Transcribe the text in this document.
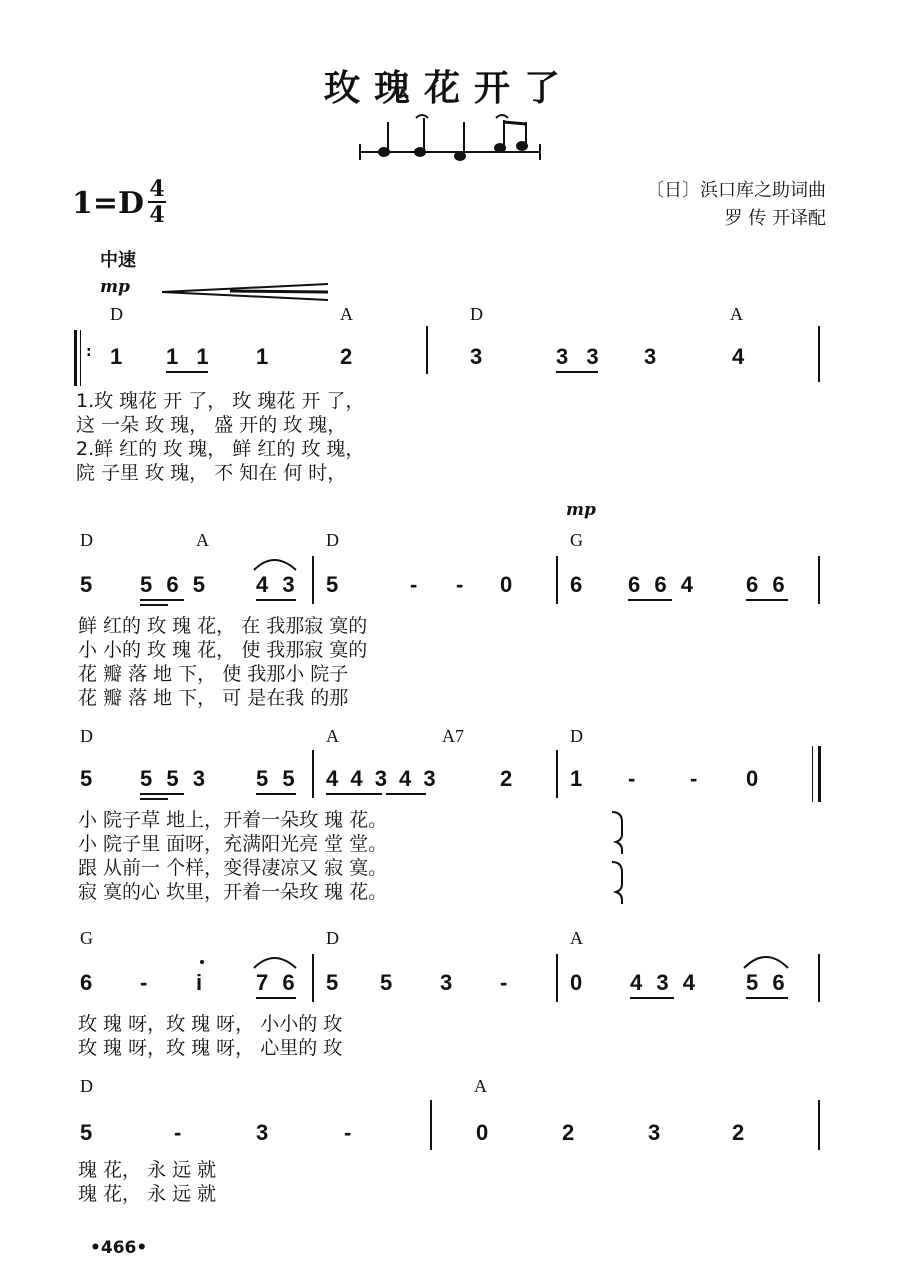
玫瑰花开了
1=D 4
4
〔日〕浜口库之助词曲
罗 传 开译配
中速
mp
D	A	D	A
: 1 1 1 1	2	3	3 3 3	4
1.玫 瑰花 开 了， 玫 瑰花 开 了，
这 一朵 玫 瑰， 盛 开的 玫 瑰，
2.鲜 红的 玫 瑰， 鲜 红的 玫 瑰，
院 子里 玫 瑰， 不 知在 何 时，
mp
D	A	D	G
5 5 6 5 4 3 5	- - 0	6 6 6 4 6 6
鲜 红的 玫 瑰 花， 在 我那寂 寞的
小 小的 玫 瑰 花， 使 我那寂 寞的
花 瓣 落 地 下， 使 我那小 院子
花 瓣 落 地 下， 可 是在我 的那
D	A	A7	D
5 5 5 3 5 5 4 4 3 4 3	2	1 - - 0
小 院子草 地上，开着一朵玫 瑰 花。
小 院子里 面呀，充满阳光亮 堂 堂。
跟 从前一 个样，变得凄凉又 寂 寞。
寂 寞的心 坎里，开着一朵玫 瑰 花。
G	D	A
6 - i 7 6 5 5 3 -	0 4 3 4 5 6
玫 瑰 呀，玫 瑰 呀， 小小的 玫
玫 瑰 呀，玫 瑰 呀， 心里的 玫
D	A
5	-	3	-	0	2	3	2
瑰 花， 永 远 就
瑰 花， 永 远 就
•466•
